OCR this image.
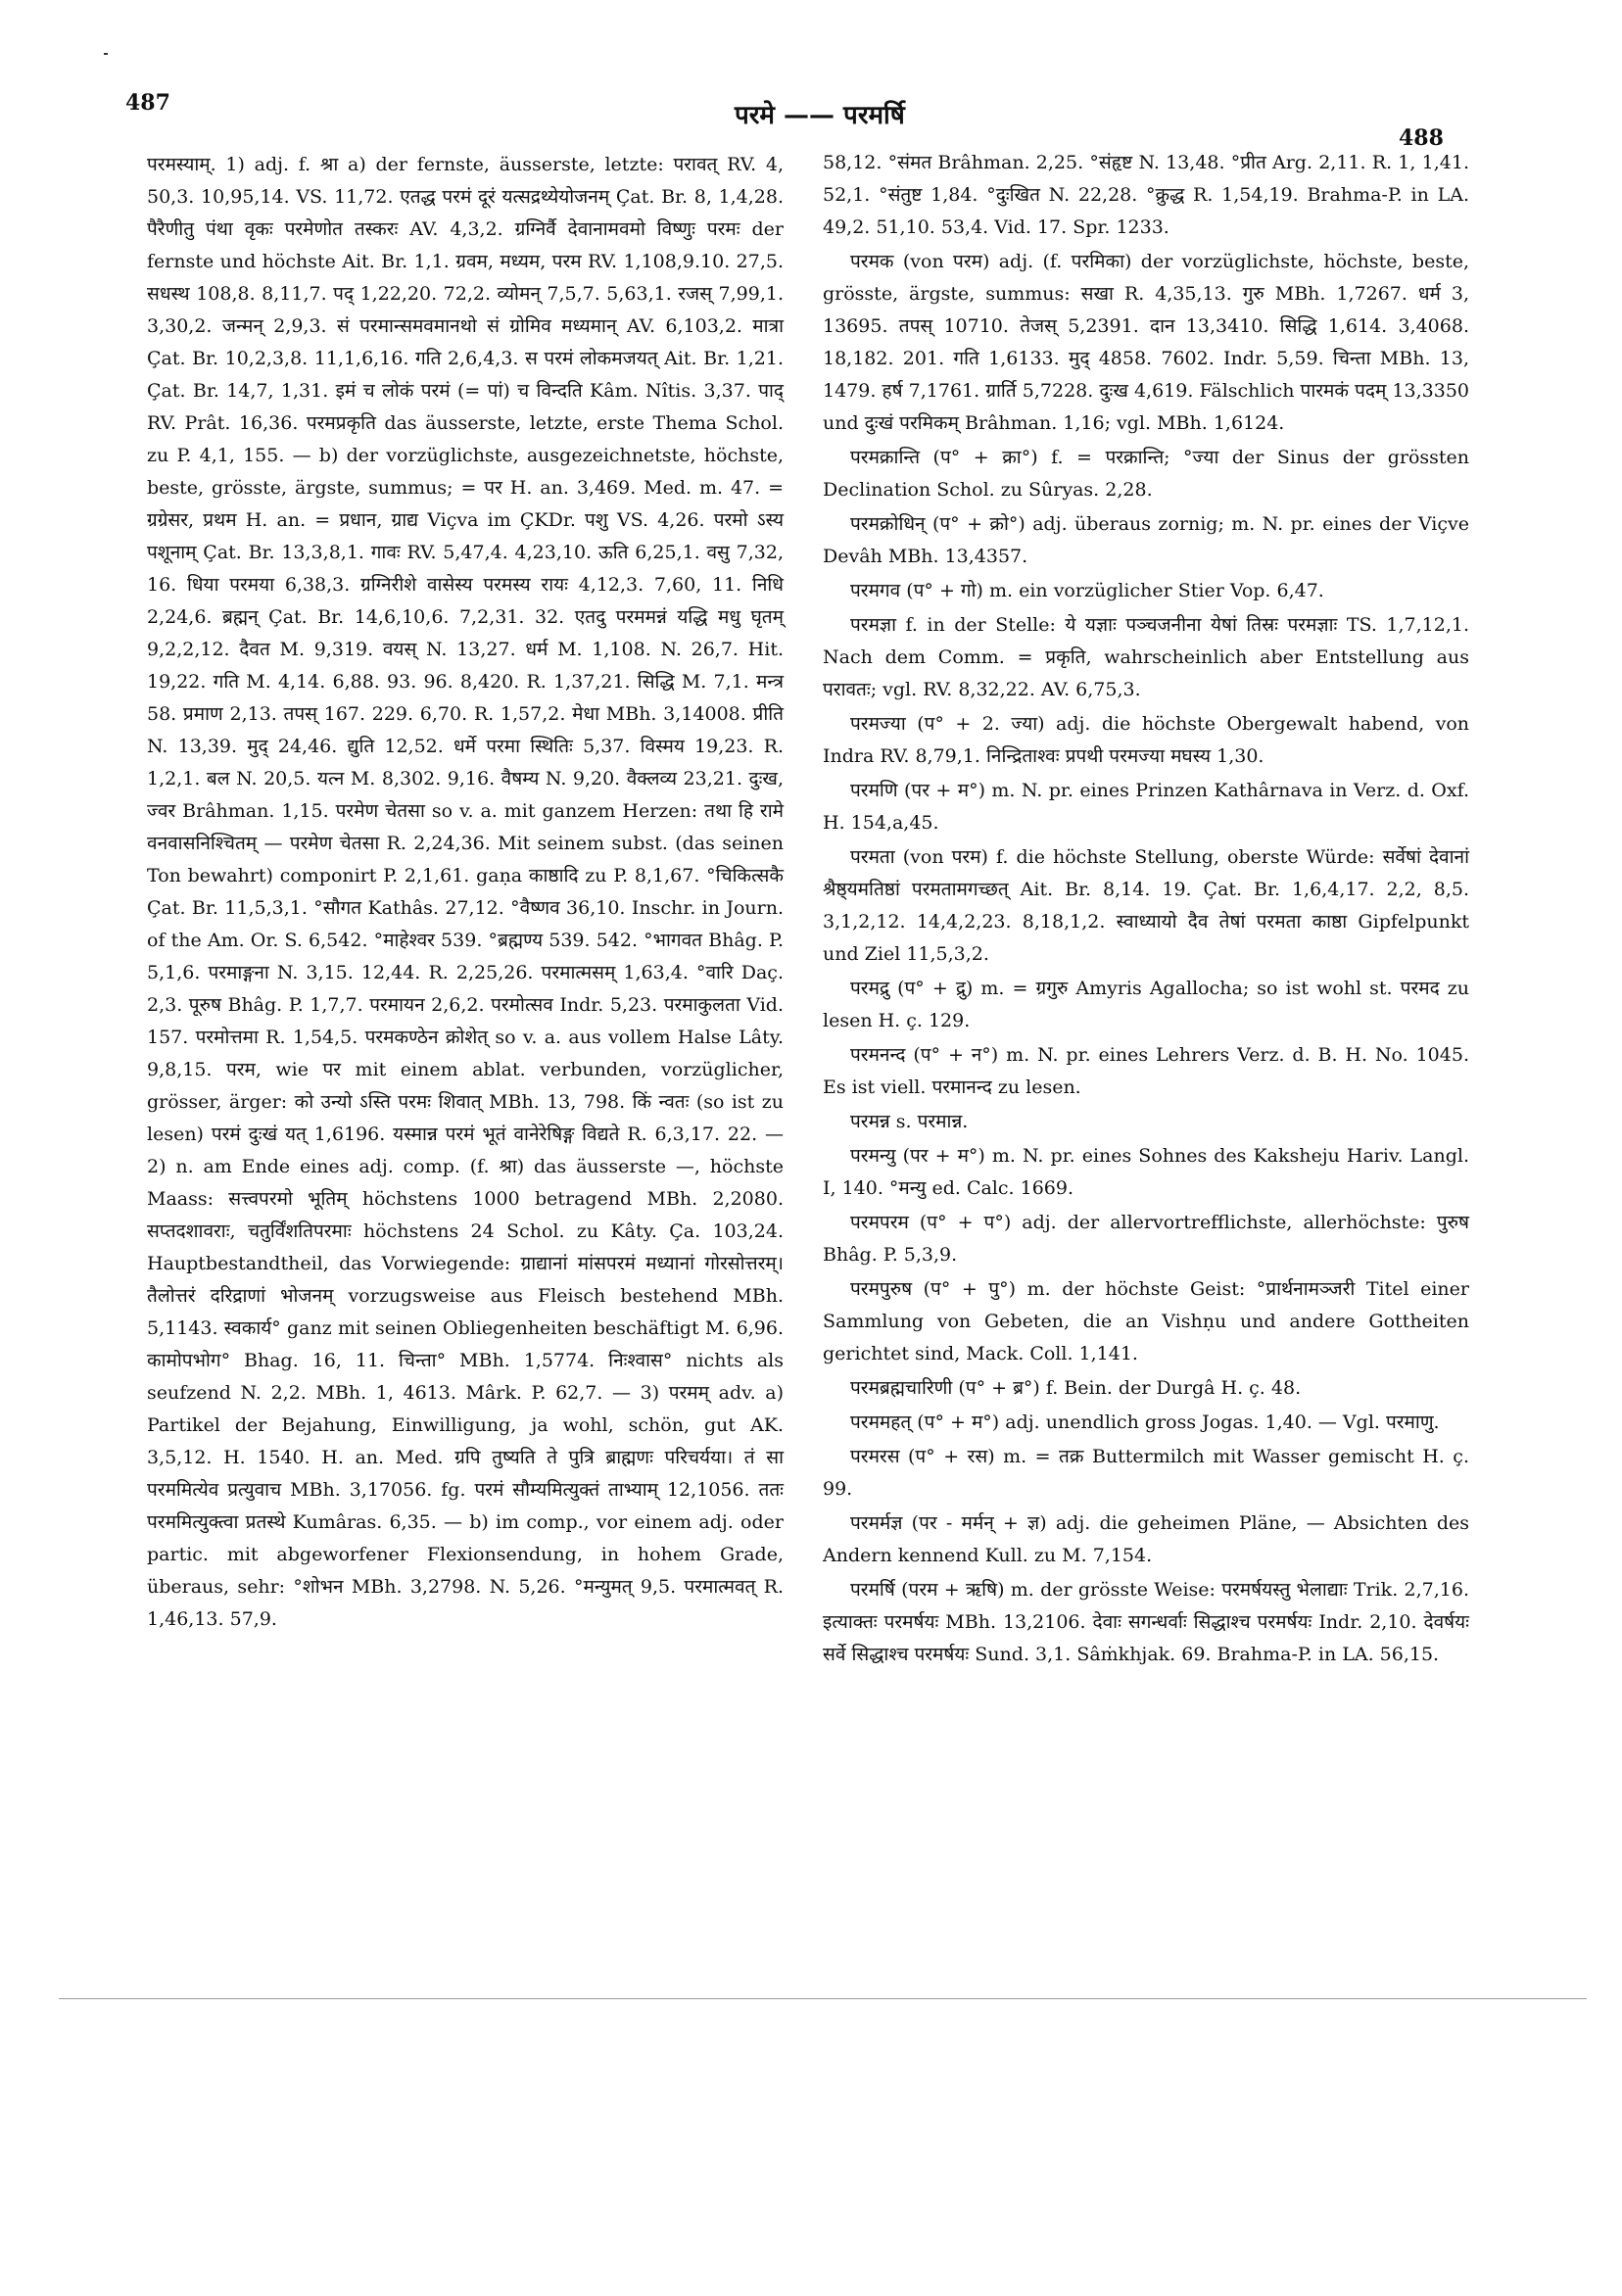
487	परमे —— परमर्षि
488

परमस्याम्. 1) adj. f. श्रा a) der fernste, äusserste, letzte: परावत् RV. 4, 50,3. 10,95,14. VS. 11,72. एतद्ध परमं दूरं यत्सद्रथ्येयोजनम् Çat. Br. 8, 1,4,28. पैरैणीतु पंथा वृकः परमेणोत तस्करः AV. 4,3,2. ग्रग्निर्वै देवानामवमो विष्णुः परमः der fernste und höchste Ait. Br. 1,1. ग्रवम, मध्यम, परम RV. 1,108,9.10. 27,5. सधस्थ 108,8. 8,11,7. पद् 1,22,20. 72,2. व्योमन् 7,5,7. 5,63,1. रजस् 7,99,1. 3,30,2. जन्मन् 2,9,3. सं परमान्समवमानथो सं ग्रोमिव मध्यमान् AV. 6,103,2. मात्रा Çat. Br. 10,2,3,8. 11,1,6,16. गति 2,6,4,3. स परमं लोकमजयत् Ait. Br. 1,21. Çat. Br. 14,7, 1,31. इमं च लोकं परमं (= पां) च विन्दति Kâm. Nîtis. 3,37. पाद् RV. Prât. 16,36. परमप्रकृति das äusserste, letzte, erste Thema Schol. zu P. 4,1, 155. — b) der vorzüglichste, ausgezeichnetste, höchste, beste, grösste, ärgste, summus; = पर H. an. 3,469. Med. m. 47. = ग्रग्रेसर, प्रथम H. an. = प्रधान, ग्राद्य Viçva im ÇKDr. पशु VS. 4,26. परमो ऽस्य पशूनाम् Çat. Br. 13,3,8,1. गावः RV. 5,47,4. 4,23,10. ऊति 6,25,1. वसु 7,32, 16. धिया परमया 6,38,3. ग्रग्निरीशे वासेस्य परमस्य रायः 4,12,3. 7,60, 11. निधि 2,24,6. ब्रह्मन् Çat. Br. 14,6,10,6. 7,2,31. 32. एतदु परममन्नं यद्धि मधु घृतम् 9,2,2,12. दैवत M. 9,319. वयस् N. 13,27. धर्म M. 1,108. N. 26,7. Hit. 19,22. गति M. 4,14. 6,88. 93. 96. 8,420. R. 1,37,21. सिद्धि M. 7,1. मन्त्र 58. प्रमाण 2,13. तपस् 167. 229. 6,70. R. 1,57,2. मेधा MBh. 3,14008. प्रीति N. 13,39. मुद् 24,46. द्युति 12,52. धर्मे परमा स्थितिः 5,37. विस्मय 19,23. R. 1,2,1. बल N. 20,5. यत्न M. 8,302. 9,16. वैषम्य N. 9,20. वैक्लव्य 23,21. दुःख, ज्वर Brâhman. 1,15. परमेण चेतसा so v. a. mit ganzem Herzen: तथा हि रामे वनवासनिश्चितम् — परमेण चेतसा R. 2,24,36. Mit seinem subst. (das seinen Ton bewahrt) componirt P. 2,1,61. gaṇa काष्ठादि zu P. 8,1,67. °चिकित्सकै Çat. Br. 11,5,3,1. °सौगत Kathâs. 27,12. °वैष्णव 36,10. Inschr. in Journ. of the Am. Or. S. 6,542. °माहेश्वर 539. °ब्रह्मण्य 539. 542. °भागवत Bhâg. P. 5,1,6. परमाङ्गना N. 3,15. 12,44. R. 2,25,26. परमात्मसम् 1,63,4. °वारि Daç. 2,3. पूरुष Bhâg. P. 1,7,7. परमायन 2,6,2. परमोत्सव Indr. 5,23. परमाकुलता Vid. 157. परमोत्तमा R. 1,54,5. परमकण्ठेन क्रोशेत् so v. a. aus vollem Halse Lâty. 9,8,15. परम, wie पर mit einem ablat. verbunden, vorzüglicher, grösser, ärger: को उन्यो ऽस्ति परमः शिवात् MBh. 13, 798. किं न्वतः (so ist zu lesen) परमं दुःखं यत् 1,6196. यस्मान्न परमं भूतं वानेरेषिङ्ग विद्यते R. 6,3,17. 22. — 2) n. am Ende eines adj. comp. (f. श्रा) das äusserste —, höchste Maass: सत्त्वपरमो भूतिम् höchstens 1000 betragend MBh. 2,2080. सप्तदशावराः, चतुर्विंशतिपरमाः höchstens 24 Schol. zu Kâty. Ça. 103,24. Hauptbestandtheil, das Vorwiegende: ग्राद्यानां मांसपरमं मध्यानां गोरसोत्तरम्। तैलोत्तरं दरिद्राणां भोजनम् vorzugsweise aus Fleisch bestehend MBh. 5,1143. स्वकार्य° ganz mit seinen Obliegenheiten beschäftigt M. 6,96. कामोपभोग° Bhag. 16, 11. चिन्ता° MBh. 1,5774. निःश्वास° nichts als seufzend N. 2,2. MBh. 1, 4613. Mârk. P. 62,7. — 3) परमम् adv. a) Partikel der Bejahung, Einwilligung, ja wohl, schön, gut AK. 3,5,12. H. 1540. H. an. Med. ग्रपि तुष्यति ते पुत्रि ब्राह्मणः परिचर्यया। तं सा परममित्येव प्रत्युवाच MBh. 3,17056. fg. परमं सौम्यमित्युक्तं ताभ्याम् 12,1056. ततः परममित्युक्त्वा प्रतस्थे Kumâras. 6,35. — b) im comp., vor einem adj. oder partic. mit abgeworfener Flexionsendung, in hohem Grade, überaus, sehr: °शोभन MBh. 3,2798. N. 5,26. °मन्युमत् 9,5. परमात्मवत् R. 1,46,13. 57,9.

58,12. °संमत Brâhman. 2,25. °संहृष्ट N. 13,48. °प्रीत Arg. 2,11. R. 1, 1,41. 52,1. °संतुष्ट 1,84. °दुःखित N. 22,28. °क्रुद्ध R. 1,54,19. Brahma-P. in LA. 49,2. 51,10. 53,4. Vid. 17. Spr. 1233.

परमक (von परम) adj. (f. परमिका) der vorzüglichste, höchste, beste, grösste, ärgste, summus: सखा R. 4,35,13. गुरु MBh. 1,7267. धर्म 3, 13695. तपस् 10710. तेजस् 5,2391. दान 13,3410. सिद्धि 1,614. 3,4068. 18,182. 201. गति 1,6133. मुद् 4858. 7602. Indr. 5,59. चिन्ता MBh. 13, 1479. हर्ष 7,1761. ग्रार्ति 5,7228. दुःख 4,619. Fälschlich पारमकं पदम् 13,3350 und दुःखं परमिकम् Brâhman. 1,16; vgl. MBh. 1,6124.

परमक्रान्ति (प° + क्रा°) f. = परक्रान्ति; °ज्या der Sinus der grössten Declination Schol. zu Sûryas. 2,28.

परमक्रोधिन् (प° + क्रो°) adj. überaus zornig; m. N. pr. eines der Viçve Devâh MBh. 13,4357.

परमगव (प° + गो) m. ein vorzüglicher Stier Vop. 6,47.

परमज्ञा f. in der Stelle: ये यज्ञाः पञ्चजनीना येषां तिस्रः परमज्ञाः TS. 1,7,12,1. Nach dem Comm. = प्रकृति, wahrscheinlich aber Entstellung aus परावतः; vgl. RV. 8,32,22. AV. 6,75,3.

परमज्या (प° + 2. ज्या) adj. die höchste Obergewalt habend, von Indra RV. 8,79,1. निन्द्रिताश्वः प्रपथी परमज्या मघस्य 1,30.

परमणि (पर + म°) m. N. pr. eines Prinzen Kathârnava in Verz. d. Oxf. H. 154,a,45.

परमता (von परम) f. die höchste Stellung, oberste Würde: सर्वेषां देवानां श्रैष्ठ्यमतिष्ठां परमतामगच्छत् Ait. Br. 8,14. 19. Çat. Br. 1,6,4,17. 2,2, 8,5. 3,1,2,12. 14,4,2,23. 8,18,1,2. स्वाध्यायो दैव तेषां परमता काष्ठा Gipfelpunkt und Ziel 11,5,3,2.

परमद्रु (प° + द्रु) m. = ग्रगुरु Amyris Agallocha; so ist wohl st. परमद zu lesen H. ç. 129.

परमनन्द (प° + न°) m. N. pr. eines Lehrers Verz. d. B. H. No. 1045. Es ist viell. परमानन्द zu lesen.

परमन्न s. परमान्न.

परमन्यु (पर + म°) m. N. pr. eines Sohnes des Kaksheju Hariv. Langl. I, 140. °मन्यु ed. Calc. 1669.

परमपरम (प° + प°) adj. der allervortrefflichste, allerhöchste: पुरुष Bhâg. P. 5,3,9.

परमपुरुष (प° + पु°) m. der höchste Geist: °प्रार्थनामञ्जरी Titel einer Sammlung von Gebeten, die an Vishṇu und andere Gottheiten gerichtet sind, Mack. Coll. 1,141.

परमब्रह्मचारिणी (प° + ब्र°) f. Bein. der Durgâ H. ç. 48.

परममहत् (प° + म°) adj. unendlich gross Jogas. 1,40. — Vgl. परमाणु.

परमरस (प° + रस) m. = तक्र Buttermilch mit Wasser gemischt H. ç. 99.

परमर्मज्ञ (पर - मर्मन् + ज्ञ) adj. die geheimen Pläne, — Absichten des Andern kennend Kull. zu M. 7,154.

परमर्षि (परम + ऋषि) m. der grösste Weise: परमर्षयस्तु भेलाद्याः Trik. 2,7,16. इत्याक्तः परमर्षयः MBh. 13,2106. देवाः सगन्धर्वाः सिद्धाश्च परमर्षयः Indr. 2,10. देवर्षयः सर्वे सिद्धाश्च परमर्षयः Sund. 3,1. Sâṁkhjak. 69. Brahma-P. in LA. 56,15.
